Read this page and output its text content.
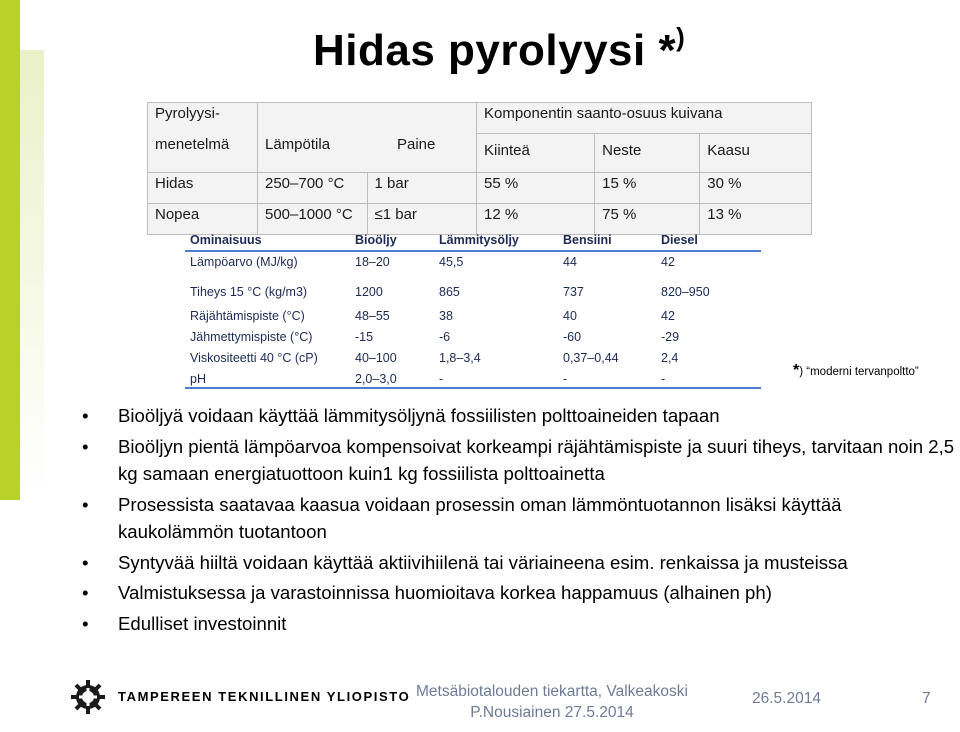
Hidas pyrolyysi *)
Pyrolyysi-			Komponentin saanto-osuus kuivana		
menetelmä	Lämpötila	Paine	Kiinteä	Neste	Kaasu
Hidas	250–700 °C	1 bar	55 %	15 %	30 %
Nopea	500–1000 °C	≤1 bar	12 %	75 %	13 %
Ominaisuus	Bioöljy	Lämmitysöljy	Bensiini	Diesel
Lämpöarvo (MJ/kg)	18–20	45,5	44	42
Tiheys 15 °C (kg/m3)	1200	865	737	820–950
Räjähtämispiste (°C)	48–55	38	40	42
Jähmettymispiste (°C)	-15	-6	-60	-29
Viskositeetti 40 °C (cP)	40–100	1,8–3,4	0,37–0,44	2,4
pH	2,0–3,0	-	-	-	*) “moderni tervanpoltto”
• Bioöljyä voidaan käyttää lämmitysöljynä fossiilisten polttoaineiden tapaan
• Bioöljyn pientä lämpöarvoa kompensoivat korkeampi räjähtämispiste ja suuri tiheys, tarvitaan noin 2,5 kg samaan energiatuottoon kuin1 kg fossiilista polttoainetta
• Prosessista saatavaa kaasua voidaan prosessin oman lämmöntuotannon lisäksi käyttää kaukolämmön tuotantoon
• Syntyvää hiiltä voidaan käyttää aktiivihiilenä tai väriaineena esim. renkaissa ja musteissa
• Valmistuksessa ja varastoinnissa huomioitava korkea happamuus (alhainen ph)
• Edulliset investoinnit
TAMPEREEN TEKNILLINEN YLIOPISTO Metsäbiotalouden tiekartta, Valkeakoski
P.Nousiainen 27.5.2014
26.5.2014	7
